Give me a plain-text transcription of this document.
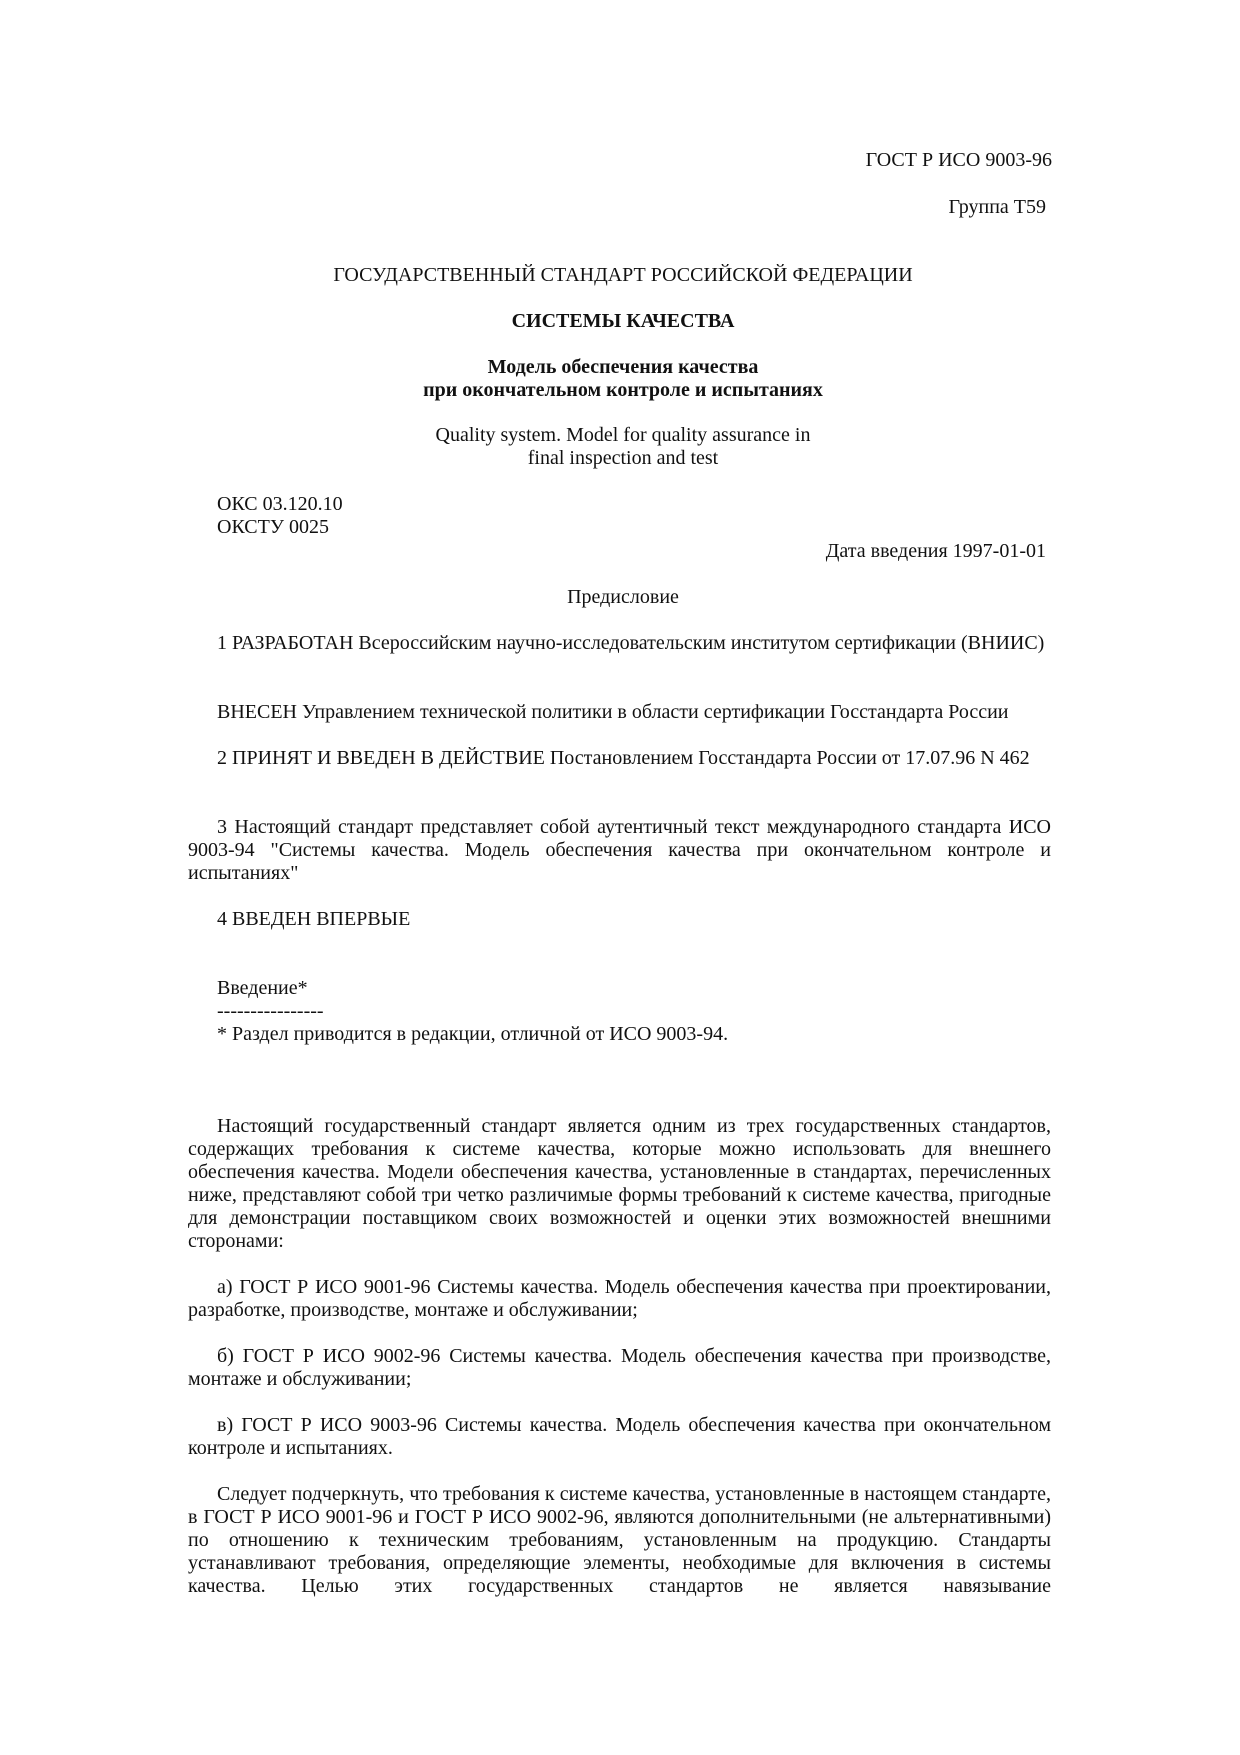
ГОСТ Р ИСО 9003-96

Группа Т59

ГОСУДАРСТВЕННЫЙ СТАНДАРТ РОССИЙСКОЙ ФЕДЕРАЦИИ

СИСТЕМЫ КАЧЕСТВА

Модель обеспечения качества

при окончательном контроле и испытаниях

Quality system. Model for quality assurance in

final inspection and test

ОКС 03.120.10

ОКСТУ 0025

Дата введения 1997-01-01

Предисловие

1 РАЗРАБОТАН Всероссийским научно-исследовательским институтом сертификации (ВНИИС)

ВНЕСЕН Управлением технической политики в области сертификации Госстандарта России

2 ПРИНЯТ И ВВЕДЕН В ДЕЙСТВИЕ Постановлением Госстандарта России от 17.07.96 N 462

3 Настоящий стандарт представляет собой аутентичный текст международного стандарта ИСО 9003-94 "Системы качества. Модель обеспечения качества при окончательном контроле и испытаниях"

4 ВВЕДЕН ВПЕРВЫЕ

Введение*

----------------

* Раздел приводится в редакции, отличной от ИСО 9003-94.

Настоящий государственный стандарт является одним из трех государственных стандартов, содержащих требования к системе качества, которые можно использовать для внешнего обеспечения качества. Модели обеспечения качества, установленные в стандартах, перечисленных ниже, представляют собой три четко различимые формы требований к системе качества, пригодные для демонстрации поставщиком своих возможностей и оценки этих возможностей внешними сторонами:

а) ГОСТ Р ИСО 9001-96 Системы качества. Модель обеспечения качества при проектировании, разработке, производстве, монтаже и обслуживании;

б) ГОСТ Р ИСО 9002-96 Системы качества. Модель обеспечения качества при производстве, монтаже и обслуживании;

в) ГОСТ Р ИСО 9003-96 Системы качества. Модель обеспечения качества при окончательном контроле и испытаниях.

Следует подчеркнуть, что требования к системе качества, установленные в настоящем стандарте, в ГОСТ Р ИСО 9001-96 и ГОСТ Р ИСО 9002-96, являются дополнительными (не альтернативными) по отношению к техническим требованиям, установленным на продукцию. Стандарты устанавливают требования, определяющие элементы, необходимые для включения в системы качества. Целью этих государственных стандартов не является навязывание
